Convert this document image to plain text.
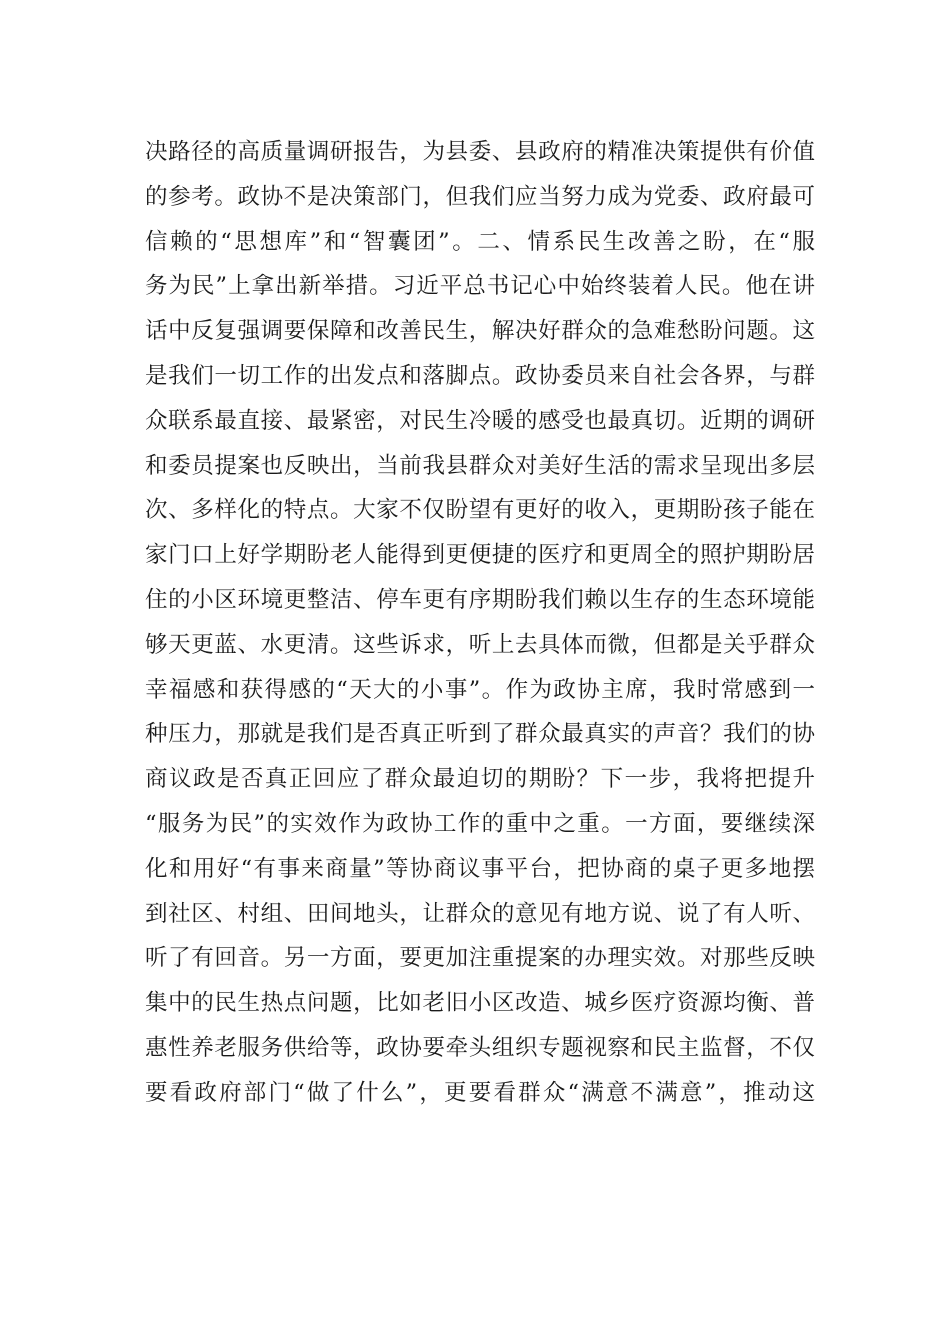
决路径的高质量调研报告，为县委、县政府的精准决策提供有价值
的参考。政协不是决策部门，但我们应当努力成为党委、政府最可
信赖的“思想库”和“智囊团”。二、情系民生改善之盼，在“服
务为民”上拿出新举措。习近平总书记心中始终装着人民。他在讲
话中反复强调要保障和改善民生，解决好群众的急难愁盼问题。这
是我们一切工作的出发点和落脚点。政协委员来自社会各界，与群
众联系最直接、最紧密，对民生冷暖的感受也最真切。近期的调研
和委员提案也反映出，当前我县群众对美好生活的需求呈现出多层
次、多样化的特点。大家不仅盼望有更好的收入，更期盼孩子能在
家门口上好学期盼老人能得到更便捷的医疗和更周全的照护期盼居
住的小区环境更整洁、停车更有序期盼我们赖以生存的生态环境能
够天更蓝、水更清。这些诉求，听上去具体而微，但都是关乎群众
幸福感和获得感的“天大的小事”。作为政协主席，我时常感到一
种压力，那就是我们是否真正听到了群众最真实的声音？我们的协
商议政是否真正回应了群众最迫切的期盼？下一步，我将把提升
“服务为民”的实效作为政协工作的重中之重。一方面，要继续深
化和用好“有事来商量”等协商议事平台，把协商的桌子更多地摆
到社区、村组、田间地头，让群众的意见有地方说、说了有人听、
听了有回音。另一方面，要更加注重提案的办理实效。对那些反映
集中的民生热点问题，比如老旧小区改造、城乡医疗资源均衡、普
惠性养老服务供给等，政协要牵头组织专题视察和民主监督，不仅
要看政府部门“做了什么”，更要看群众“满意不满意”，推动这
